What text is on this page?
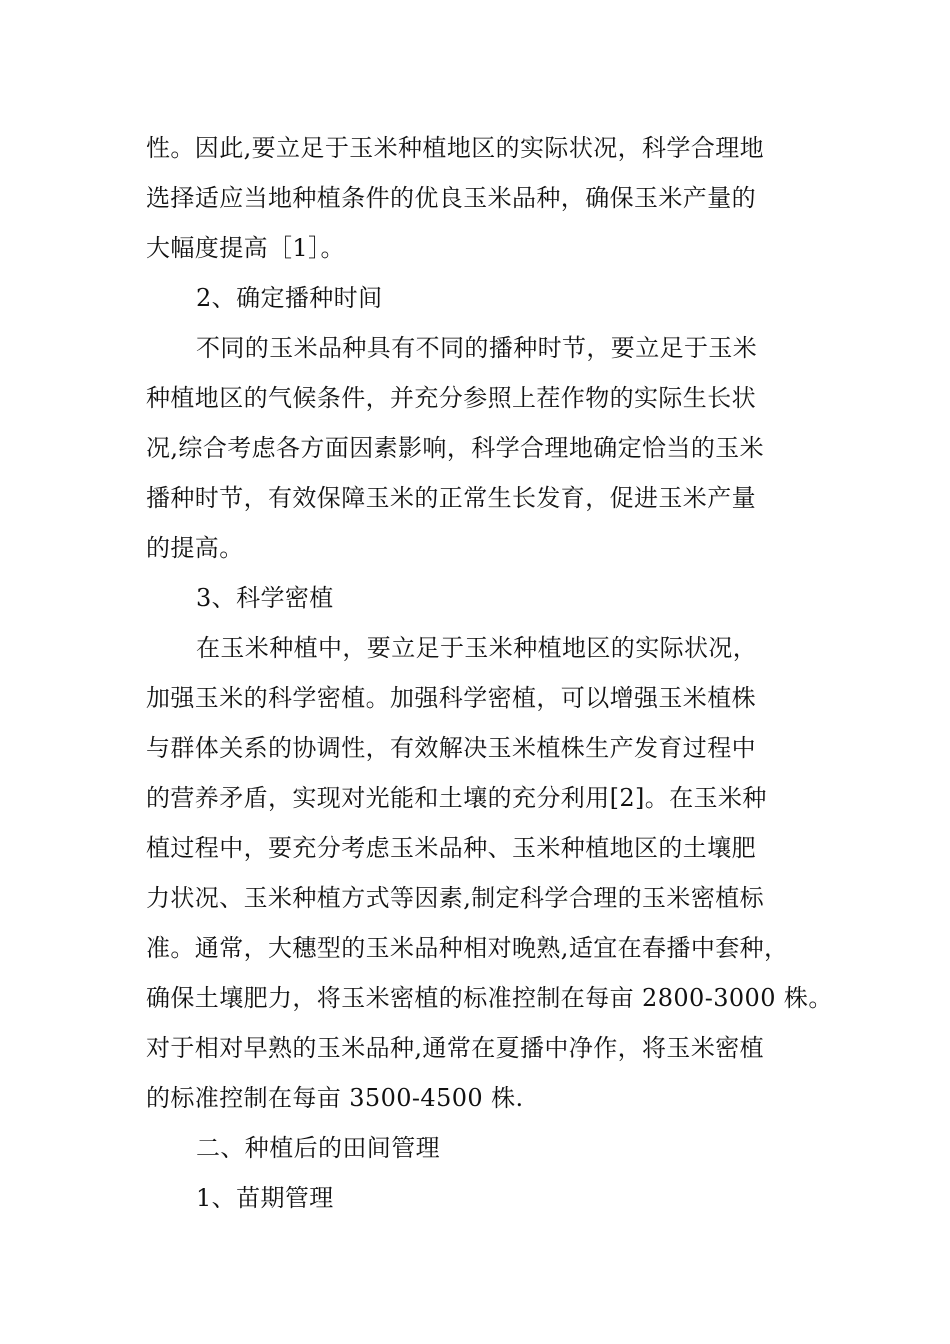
性。因此,要立足于玉米种植地区的实际状况，科学合理地
选择适应当地种植条件的优良玉米品种，确保玉米产量的
大幅度提高［1］。
2、确定播种时间
不同的玉米品种具有不同的播种时节，要立足于玉米
种植地区的气候条件，并充分参照上茬作物的实际生长状
况,综合考虑各方面因素影响，科学合理地确定恰当的玉米
播种时节，有效保障玉米的正常生长发育，促进玉米产量
的提高。
3、科学密植
在玉米种植中，要立足于玉米种植地区的实际状况，
加强玉米的科学密植。加强科学密植，可以增强玉米植株
与群体关系的协调性，有效解决玉米植株生产发育过程中
的营养矛盾，实现对光能和土壤的充分利用[2]。在玉米种
植过程中，要充分考虑玉米品种、玉米种植地区的土壤肥
力状况、玉米种植方式等因素,制定科学合理的玉米密植标
准。通常，大穗型的玉米品种相对晚熟,适宜在春播中套种，
确保土壤肥力，将玉米密植的标准控制在每亩 2800-3000 株。
对于相对早熟的玉米品种,通常在夏播中净作，将玉米密植
的标准控制在每亩 3500-4500 株.
二、种植后的田间管理
1、苗期管理
